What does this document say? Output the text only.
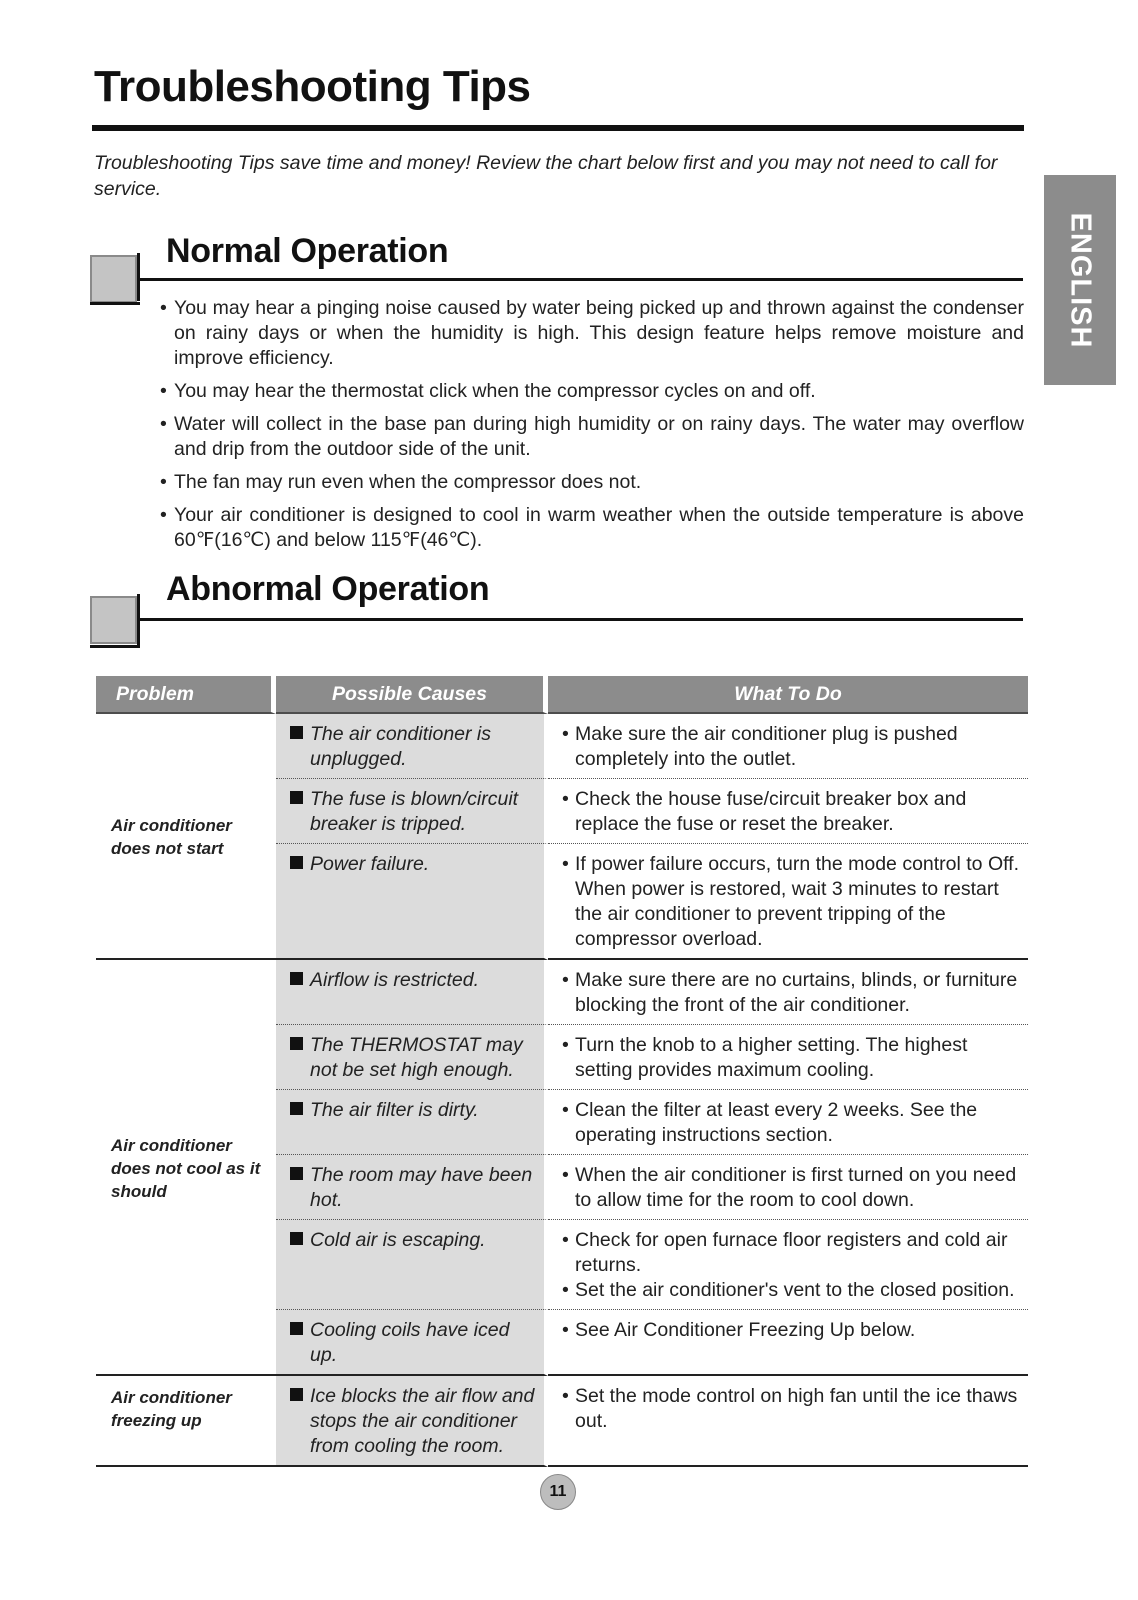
Troubleshooting Tips

Troubleshooting Tips save time and money! Review the chart below first and you may not need to call for service.

ENGLISH
Normal Operation
• You may hear a pinging noise caused by water being picked up and thrown against the condenser on rainy days or when the humidity is high. This design feature helps remove moisture and improve efficiency.
• You may hear the thermostat click when the compressor cycles on and off.
• Water will collect in the base pan during high humidity or on rainy days. The water may overflow and drip from the outdoor side of the unit.
• The fan may run even when the compressor does not.
• Your air conditioner is designed to cool in warm weather when the outside temperature is above 60℉(16℃) and below 115℉(46℃).
Abnormal Operation
Problem	Possible Causes	What To Do
Air conditioner does not start	The air conditioner is unplugged.	• Make sure the air conditioner plug is pushed completely into the outlet.

	The fuse is blown/circuit breaker is tripped.	• Check the house fuse/circuit breaker box and replace the fuse or reset the breaker.

	Power failure.	• If power failure occurs, turn the mode control to Off. When power is restored, wait 3 minutes to restart the air conditioner to prevent tripping of the compressor overload.

Air conditioner does not cool as it should	Airflow is restricted.	• Make sure there are no curtains, blinds, or furniture blocking the front of the air conditioner.

	The THERMOSTAT may not be set high enough.	• Turn the knob to a higher setting. The highest setting provides maximum cooling.

	The air filter is dirty.	• Clean the filter at least every 2 weeks. See the operating instructions section.

	The room may have been hot.	• When the air conditioner is first turned on you need to allow time for the room to cool down.

	Cold air is escaping.	• Check for open furnace floor registers and cold air returns.
• Set the air conditioner's vent to the closed position.

	Cooling coils have iced up.	• See Air Conditioner Freezing Up below.

Air conditioner freezing up	Ice blocks the air flow and stops the air conditioner from cooling the room.	• Set the mode control on high fan until the ice thaws out.
11
